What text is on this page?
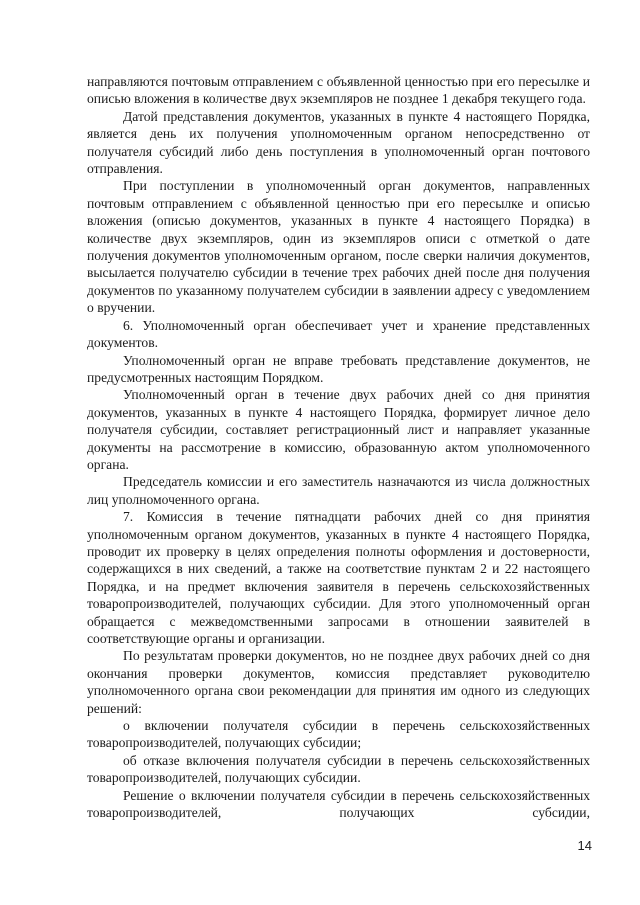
направляются почтовым отправлением с объявленной ценностью при его пересылке и описью вложения в количестве двух экземпляров не позднее 1 декабря текущего года.

Датой представления документов, указанных в пункте 4 настоящего Порядка, является день их получения уполномоченным органом непосредственно от получателя субсидий либо день поступления в уполномоченный орган почтового отправления.

При поступлении в уполномоченный орган документов, направленных почтовым отправлением с объявленной ценностью при его пересылке и описью вложения (описью документов, указанных в пункте 4 настоящего Порядка) в количестве двух экземпляров, один из экземпляров описи с отметкой о дате получения документов уполномоченным органом, после сверки наличия документов, высылается получателю субсидии в течение трех рабочих дней после дня получения документов по указанному получателем субсидии в заявлении адресу с уведомлением о вручении.

6. Уполномоченный орган обеспечивает учет и хранение представленных документов.

Уполномоченный орган не вправе требовать представление документов, не предусмотренных настоящим Порядком.

Уполномоченный орган в течение двух рабочих дней со дня принятия документов, указанных в пункте 4 настоящего Порядка, формирует личное дело получателя субсидии, составляет регистрационный лист и направляет указанные документы на рассмотрение в комиссию, образованную актом уполномоченного органа.

Председатель комиссии и его заместитель назначаются из числа должностных лиц уполномоченного органа.

7. Комиссия в течение пятнадцати рабочих дней со дня принятия уполномоченным органом документов, указанных в пункте 4 настоящего Порядка, проводит их проверку в целях определения полноты оформления и достоверности, содержащихся в них сведений, а также на соответствие пунктам 2 и 22 настоящего Порядка, и на предмет включения заявителя в перечень сельскохозяйственных товаропроизводителей, получающих субсидии. Для этого уполномоченный орган обращается с межведомственными запросами в отношении заявителей в соответствующие органы и организации.

По результатам проверки документов, но не позднее двух рабочих дней со дня окончания проверки документов, комиссия представляет руководителю уполномоченного органа свои рекомендации для принятия им одного из следующих решений:

о включении получателя субсидии в перечень сельскохозяйственных товаропроизводителей, получающих субсидии;

об отказе включения получателя субсидии в перечень сельскохозяйственных товаропроизводителей, получающих субсидии.

Решение о включении получателя субсидии в перечень сельскохозяйственных товаропроизводителей, получающих субсидии,

14
